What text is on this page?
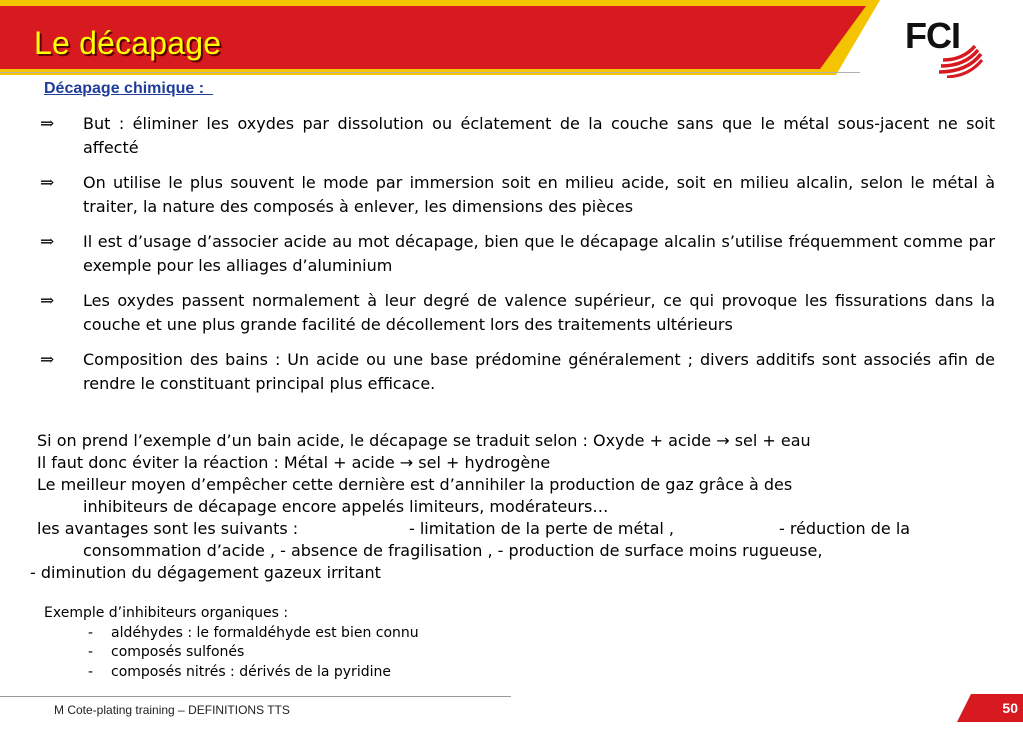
Le décapage	FCI
Décapage chimique :
⇒ But : éliminer les oxydes par dissolution ou éclatement de la couche sans que le métal sous-jacent ne soit affecté
⇒ On utilise le plus souvent le mode par immersion soit en milieu acide, soit en milieu alcalin, selon le métal à traiter, la nature des composés à enlever, les dimensions des pièces
⇒ Il est d’usage d’associer acide au mot décapage, bien que le décapage alcalin s’utilise fréquemment comme par exemple pour les alliages d’aluminium
⇒ Les oxydes passent normalement à leur degré de valence supérieur, ce qui provoque les fissurations dans la couche et une plus grande facilité de décollement lors des traitements ultérieurs
⇒ Composition des bains : Un acide ou une base prédomine généralement ; divers additifs sont associés afin de rendre le constituant principal plus efficace.
Si on prend l’exemple d’un bain acide, le décapage se traduit selon : Oxyde + acide → sel + eau
Il faut donc éviter la réaction : Métal + acide → sel + hydrogène
Le meilleur moyen d’empêcher cette dernière est d’annihiler la production de gaz grâce à des
inhibiteurs de décapage encore appelés limiteurs, modérateurs…
les avantages sont les suivants :	- limitation de la perte de métal ,	- réduction de la
consommation d’acide , - absence de fragilisation , - production de surface moins rugueuse,
- diminution du dégagement gazeux irritant
Exemple d’inhibiteurs organiques :
- aldéhydes : le formaldéhyde est bien connu
- composés sulfonés
- composés nitrés : dérivés de la pyridine
M Cote-plating training – DEFINITIONS TTS	50
